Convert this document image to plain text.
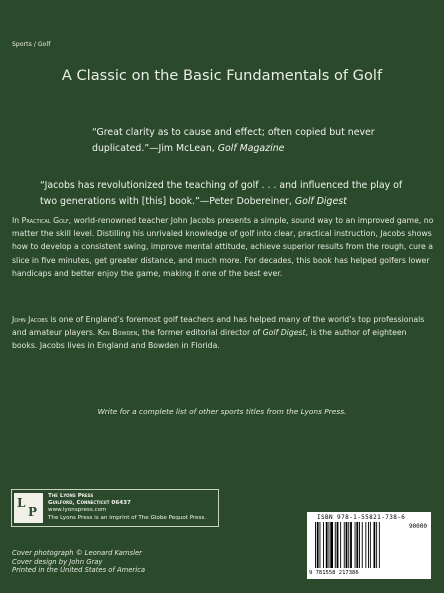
Sports / Golf
A Classic on the Basic Fundamentals of Golf
“Great clarity as to cause and effect; often copied but never duplicated.”—Jim McLean, Golf Magazine
“Jacobs has revolutionized the teaching of golf . . . and influenced the play of two generations with [this] book.”—Peter Dobereiner, Golf Digest
In Practical Golf, world-renowned teacher John Jacobs presents a simple, sound way to an improved game, no matter the skill level. Distilling his unrivaled knowledge of golf into clear, practical instruction, Jacobs shows how to develop a consistent swing, improve mental attitude, achieve superior results from the rough, cure a slice in five minutes, get greater distance, and much more. For decades, this book has helped golfers lower handicaps and better enjoy the game, making it one of the best ever.
John Jacobs is one of England’s foremost golf teachers and has helped many of the world’s top professionals and amateur players. Ken Bowden, the former editorial director of Golf Digest, is the author of eighteen books. Jacobs lives in England and Bowden in Florida.
Write for a complete list of other sports titles from the Lyons Press.
L
P
The Lyons Press
Guilford, Connecticut 06437
www.lyonspress.com
The Lyons Press is an imprint of The Globe Pequot Press.	ISBN 978-1-55821-738-6
90000
9 781558 217386
Cover photograph © Leonard Kamsler
Cover design by John Gray
Printed in the United States of America
